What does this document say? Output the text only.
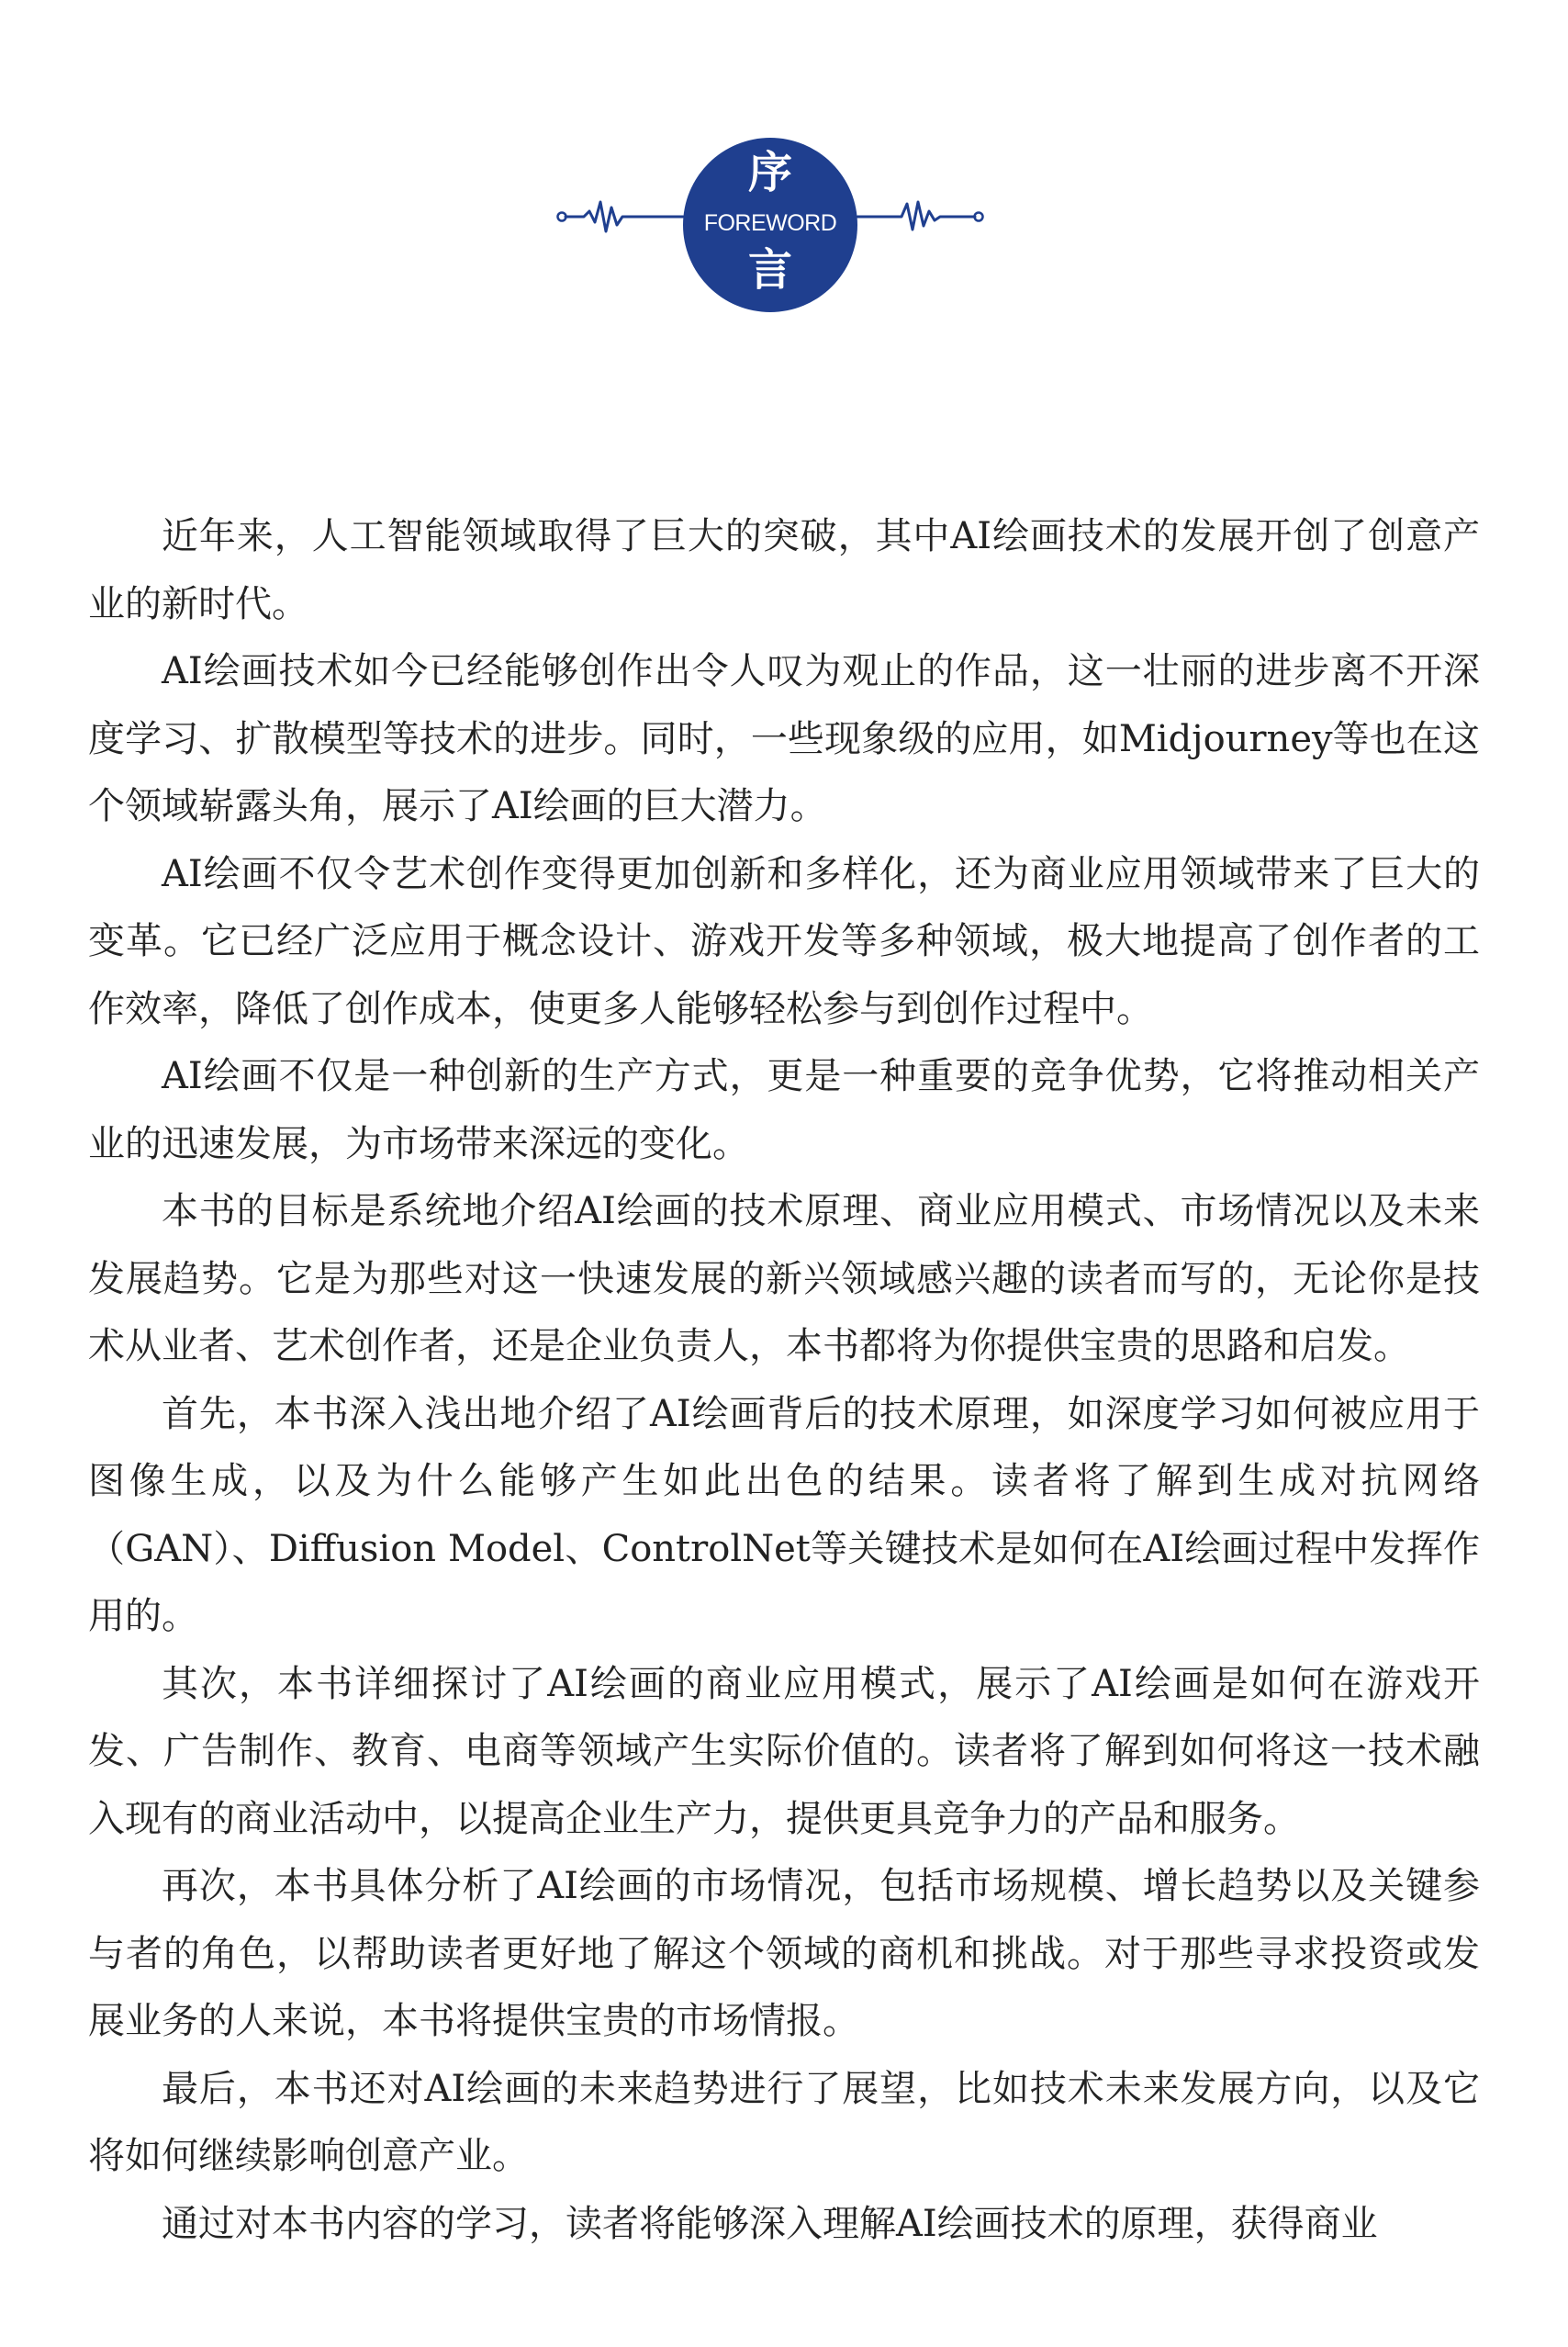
序
FOREWORD
言

近年来，人工智能领域取得了巨大的突破，其中AI绘画技术的发展开创了创意产业的新时代。

AI绘画技术如今已经能够创作出令人叹为观止的作品，这一壮丽的进步离不开深度学习、扩散模型等技术的进步。同时，一些现象级的应用，如Midjourney等也在这个领域崭露头角，展示了AI绘画的巨大潜力。

AI绘画不仅令艺术创作变得更加创新和多样化，还为商业应用领域带来了巨大的变革。它已经广泛应用于概念设计、游戏开发等多种领域，极大地提高了创作者的工作效率，降低了创作成本，使更多人能够轻松参与到创作过程中。

AI绘画不仅是一种创新的生产方式，更是一种重要的竞争优势，它将推动相关产业的迅速发展，为市场带来深远的变化。

本书的目标是系统地介绍AI绘画的技术原理、商业应用模式、市场情况以及未来发展趋势。它是为那些对这一快速发展的新兴领域感兴趣的读者而写的，无论你是技术从业者、艺术创作者，还是企业负责人，本书都将为你提供宝贵的思路和启发。

首先，本书深入浅出地介绍了AI绘画背后的技术原理，如深度学习如何被应用于图像生成，以及为什么能够产生如此出色的结果。读者将了解到生成对抗网络（GAN）、Diffusion Model、ControlNet等关键技术是如何在AI绘画过程中发挥作用的。

其次，本书详细探讨了AI绘画的商业应用模式，展示了AI绘画是如何在游戏开发、广告制作、教育、电商等领域产生实际价值的。读者将了解到如何将这一技术融入现有的商业活动中，以提高企业生产力，提供更具竞争力的产品和服务。

再次，本书具体分析了AI绘画的市场情况，包括市场规模、增长趋势以及关键参与者的角色，以帮助读者更好地了解这个领域的商机和挑战。对于那些寻求投资或发展业务的人来说，本书将提供宝贵的市场情报。

最后，本书还对AI绘画的未来趋势进行了展望，比如技术未来发展方向，以及它将如何继续影响创意产业。

通过对本书内容的学习，读者将能够深入理解AI绘画技术的原理，获得商业
